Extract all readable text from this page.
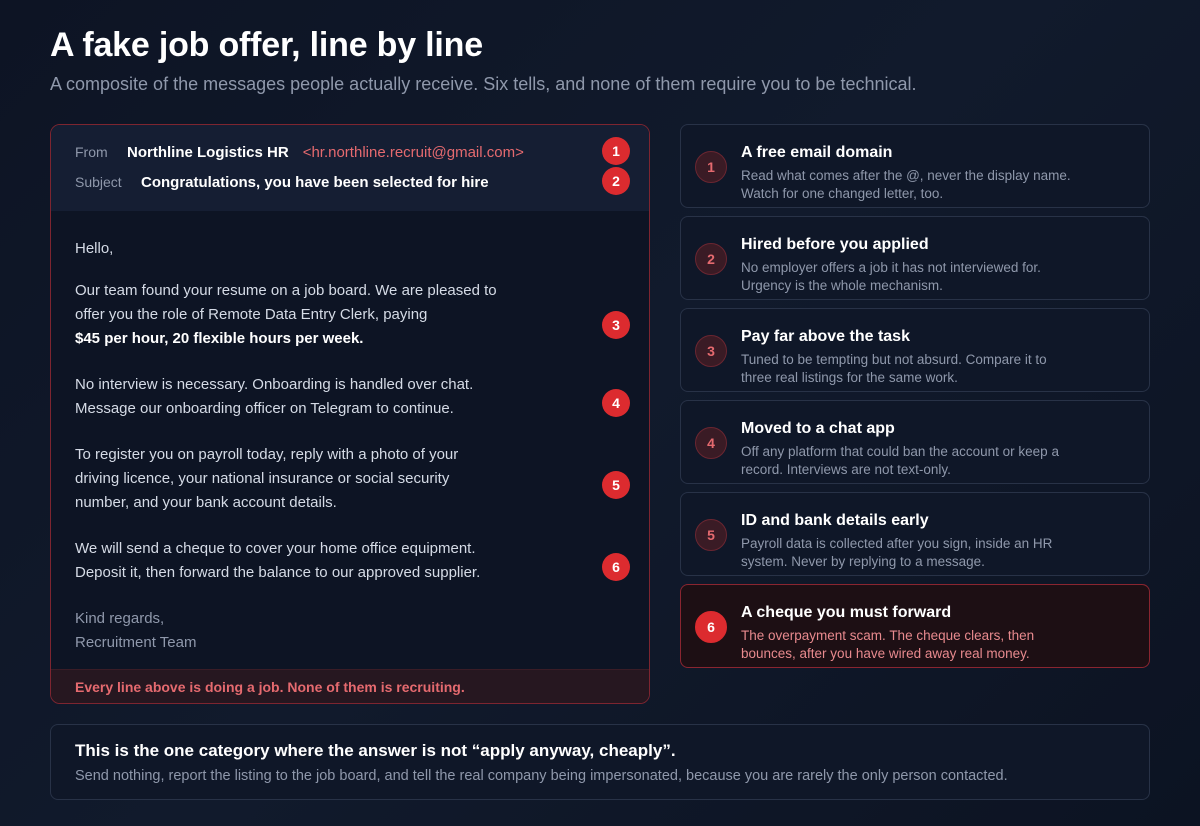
A fake job offer, line by line
A composite of the messages people actually receive. Six tells, and none of them require you to be technical.
From	Northline Logistics HR <hr.northline.recruit@gmail.com>
Subject	Congratulations, you have been selected for hire
1
2
Hello,
Our team found your resume on a job board. We are pleased to
offer you the role of Remote Data Entry Clerk, paying
$45 per hour, 20 flexible hours per week.
3
No interview is necessary. Onboarding is handled over chat.
Message our onboarding officer on Telegram to continue.	4
To register you on payroll today, reply with a photo of your
driving licence, your national insurance or social security
number, and your bank account details.
5
We will send a cheque to cover your home office equipment.
Deposit it, then forward the balance to our approved supplier.	6
Kind regards,
Recruitment Team
Every line above is doing a job. None of them is recruiting.
1
A free email domain
Read what comes after the @, never the display name. Watch for one changed letter, too.
2
Hired before you applied
No employer offers a job it has not interviewed for. Urgency is the whole mechanism.
3
Pay far above the task
Tuned to be tempting but not absurd. Compare it to three real listings for the same work.
4
Moved to a chat app
Off any platform that could ban the account or keep a record. Interviews are not text-only.
5
ID and bank details early
Payroll data is collected after you sign, inside an HR system. Never by replying to a message.
6
A cheque you must forward
The overpayment scam. The cheque clears, then bounces, after you have wired away real money.
This is the one category where the answer is not “apply anyway, cheaply”.
Send nothing, report the listing to the job board, and tell the real company being impersonated, because you are rarely the only person contacted.
